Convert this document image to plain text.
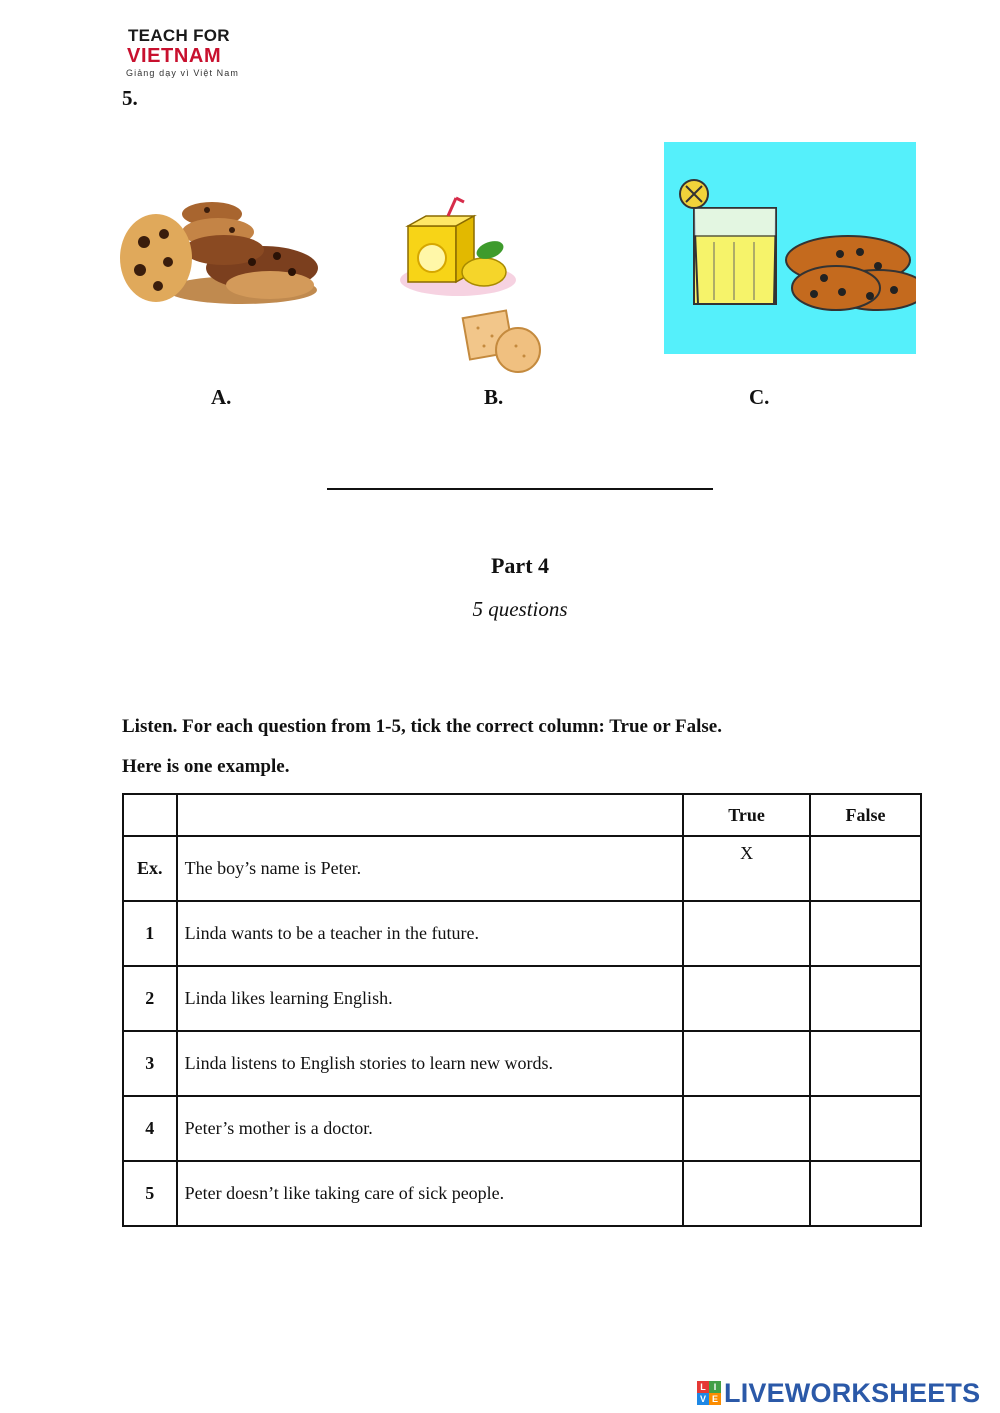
TEACH FOR
VIETNAM
Giảng dạy vì Việt Nam
5.
A.	B.	C.
Part 4
5 questions
Listen. For each question from 1-5, tick the correct column: True or False.
Here is one example.
		True	False
Ex.	The boy’s name is Peter.	X	

1	Linda wants to be a teacher in the future.		
2	Linda likes learning English.		
3	Linda listens to English stories to learn new words.		
4	Peter’s mother is a doctor.		
5	Peter doesn’t like taking care of sick people.		
L I
V E LIVEWORKSHEETS
